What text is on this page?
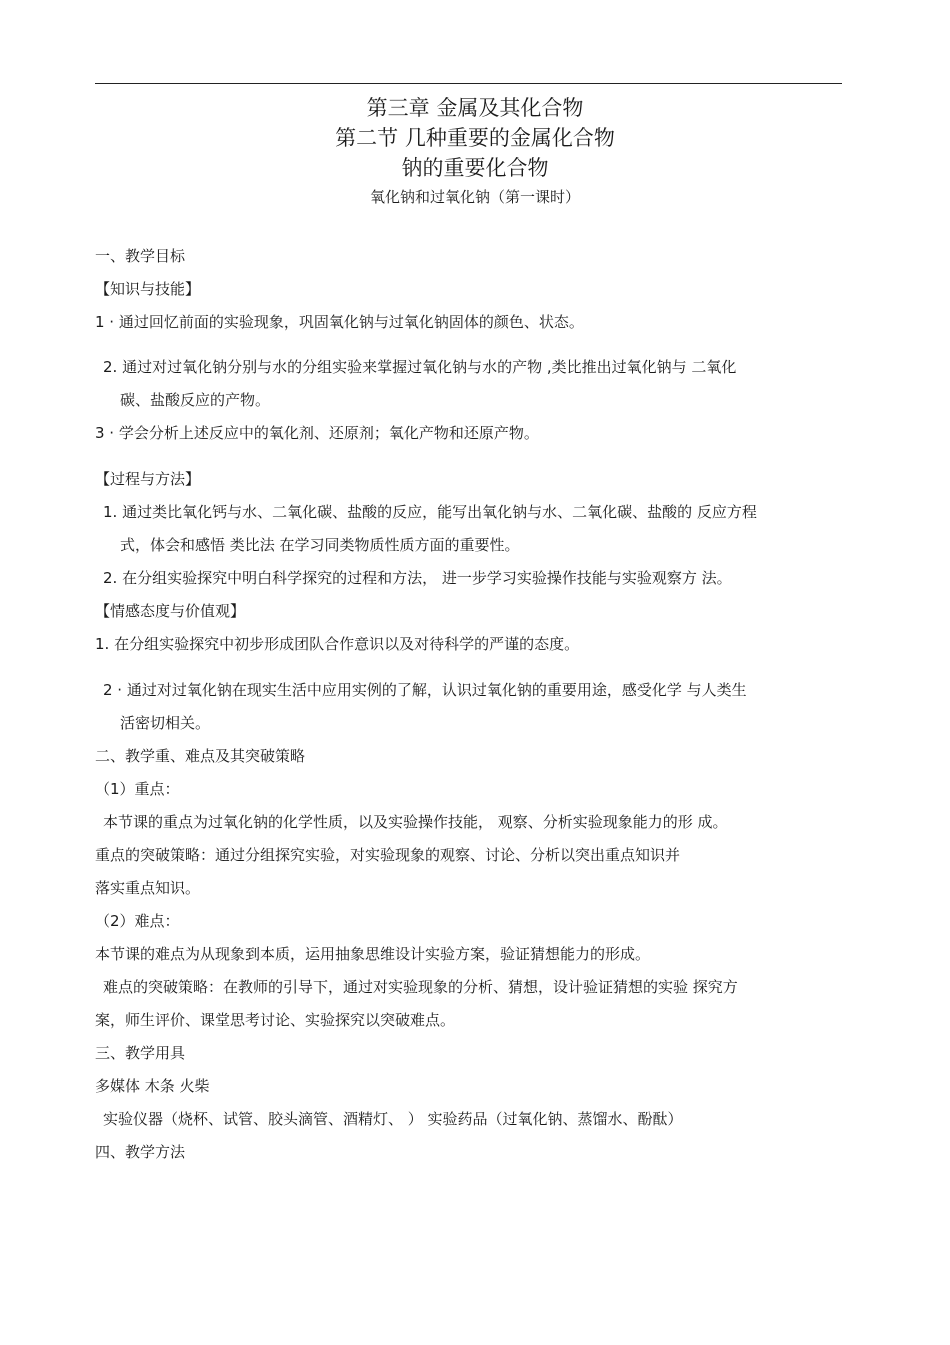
第三章 金属及其化合物
第二节 几种重要的金属化合物
钠的重要化合物
氧化钠和过氧化钠（第一课时）
一、教学目标
【知识与技能】
1 · 通过回忆前面的实验现象，巩固氧化钠与过氧化钠固体的颜色、状态。
2. 通过对过氧化钠分别与水的分组实验来掌握过氧化钠与水的产物 ,类比推出过氧化钠与 二氧化
碳、盐酸反应的产物。
3 · 学会分析上述反应中的氧化剂、还原剂；氧化产物和还原产物。
【过程与方法】
1. 通过类比氧化钙与水、二氧化碳、盐酸的反应，能写出氧化钠与水、二氧化碳、盐酸的 反应方程
式，体会和感悟 类比法 在学习同类物质性质方面的重要性。
2. 在分组实验探究中明白科学探究的过程和方法， 进一步学习实验操作技能与实验观察方 法。
【情感态度与价值观】
1. 在分组实验探究中初步形成团队合作意识以及对待科学的严谨的态度。
2 · 通过对过氧化钠在现实生活中应用实例的了解，认识过氧化钠的重要用途，感受化学 与人类生
活密切相关。
二、教学重、难点及其突破策略
（1）重点：
本节课的重点为过氧化钠的化学性质，以及实验操作技能， 观察、分析实验现象能力的形 成。
重点的突破策略：通过分组探究实验，对实验现象的观察、讨论、分析以突出重点知识并
落实重点知识。
（2）难点：
本节课的难点为从现象到本质，运用抽象思维设计实验方案，验证猜想能力的形成。
难点的突破策略：在教师的引导下，通过对实验现象的分析、猜想，设计验证猜想的实验 探究方
案，师生评价、课堂思考讨论、实验探究以突破难点。
三、教学用具
多媒体 木条 火柴
实验仪器（烧杯、试管、胶头滴管、酒精灯、 ） 实验药品（过氧化钠、蒸馏水、酚酞）
四、教学方法
